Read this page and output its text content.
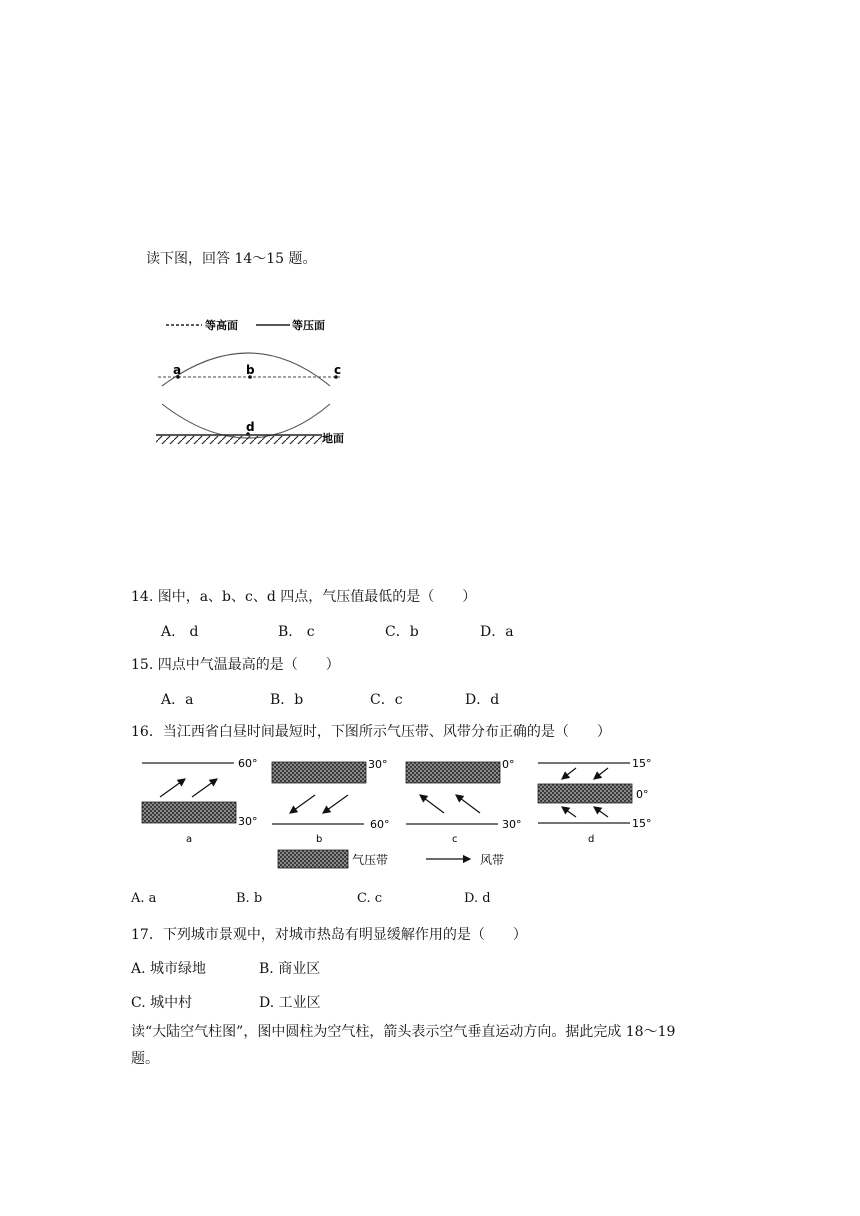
读下图，回答 14～15 题。
等高面	等压面
a	b	c
d
地面
14. 图中，a、b、c、d 四点，气压值最低的是（　　）
A.　d	B.　c	C．b	D．a
15. 四点中气温最高的是（　　）
A．a	B．b	C．c	D．d
16．当江西省白昼时间最短时，下图所示气压带、风带分布正确的是（　　）
60°
30°
a
30°
60°
b
0°
30°
c
15°
0°
15°
d
气压带	风带
A. a	B. b	C. c	D. d
17．下列城市景观中，对城市热岛有明显缓解作用的是（　　）
A. 城市绿地	B. 商业区
C. 城中村	D. 工业区
读“大陆空气柱图”，图中圆柱为空气柱，箭头表示空气垂直运动方向。据此完成 18～19
题。
